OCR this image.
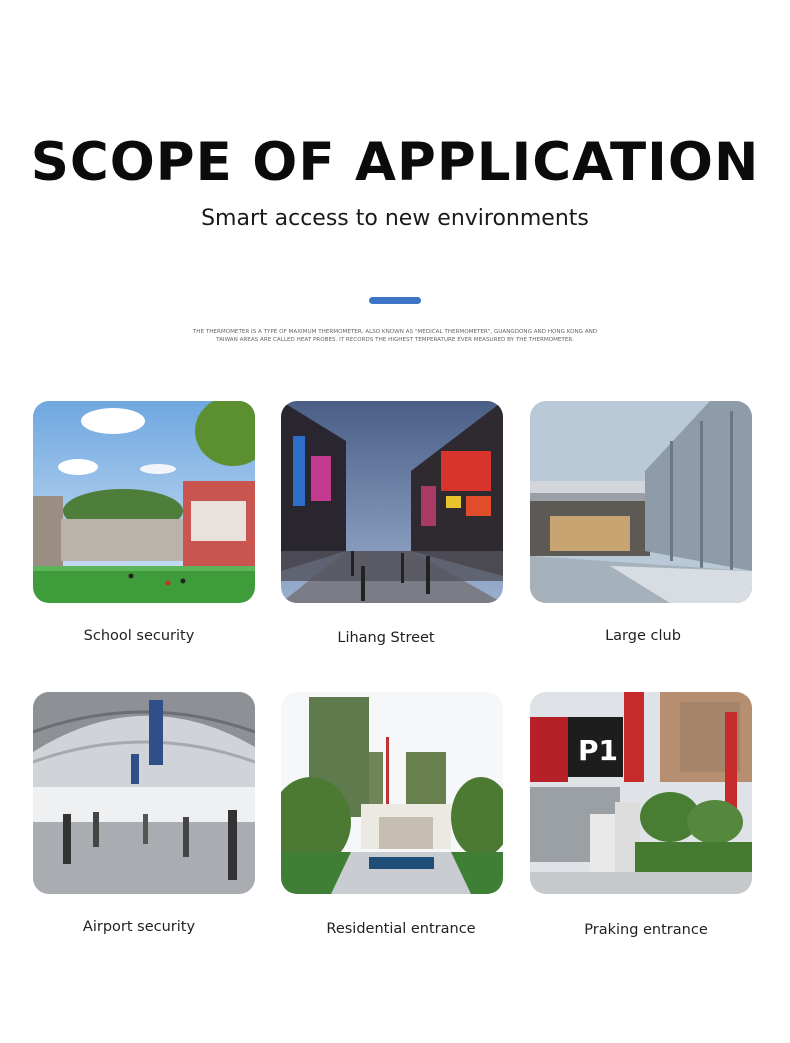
SCOPE OF APPLICATION
Smart access to new environments
THE THERMOMETER IS A TYPE OF MAXIMUM THERMOMETER, ALSO KNOWN AS "MEDICAL THERMOMETER", GUANGDONG AND HONG KONG AND TAIWAN AREAS ARE CALLED HEAT PROBES. IT RECORDS THE HIGHEST TEMPERATURE EVER MEASURED BY THE THERMOMETER.
School security	Lihang Street	Large club
Airport security	Residential entrance
P1
Praking entrance
